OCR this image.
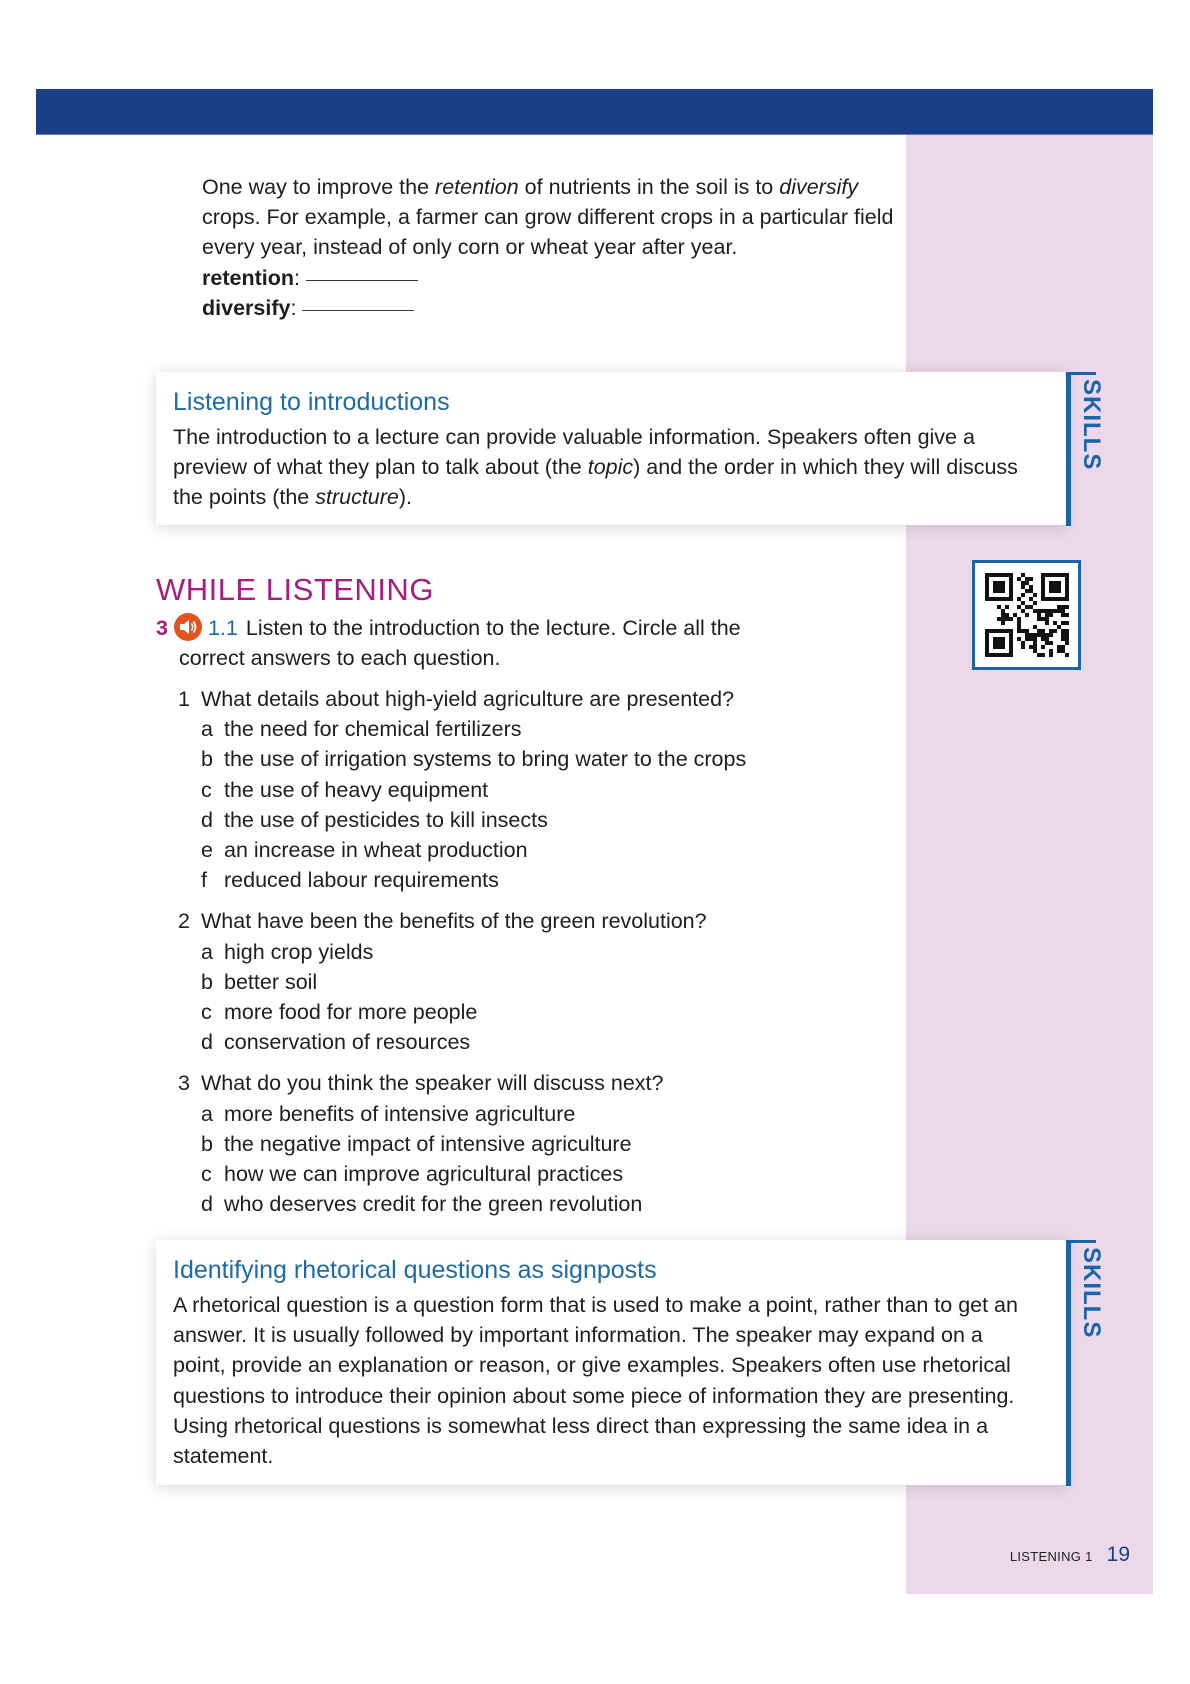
One way to improve the retention of nutrients in the soil is to diversify crops. For example, a farmer can grow different crops in a particular field every year, instead of only corn or wheat year after year.
retention:
diversify:
Listening to introductions

The introduction to a lecture can provide valuable information. Speakers often give a preview of what they plan to talk about (the topic) and the order in which they will discuss the points (the structure).

SKILLS
WHILE LISTENING
3 1.1 Listen to the introduction to the lecture. Circle all the
correct answers to each question.
1 What details about high-yield agriculture are presented?
a the need for chemical fertilizers
b the use of irrigation systems to bring water to the crops
c the use of heavy equipment
d the use of pesticides to kill insects
e an increase in wheat production
f reduced labour requirements
2 What have been the benefits of the green revolution?
a high crop yields
b better soil
c more food for more people
d conservation of resources
3 What do you think the speaker will discuss next?
a more benefits of intensive agriculture
b the negative impact of intensive agriculture
c how we can improve agricultural practices
d who deserves credit for the green revolution
Identifying rhetorical questions as signposts

A rhetorical question is a question form that is used to make a point, rather than to get an answer. It is usually followed by important information. The speaker may expand on a point, provide an explanation or reason, or give examples. Speakers often use rhetorical questions to introduce their opinion about some piece of information they are presenting. Using rhetorical questions is somewhat less direct than expressing the same idea in a statement.

SKILLS
LISTENING 1 19
